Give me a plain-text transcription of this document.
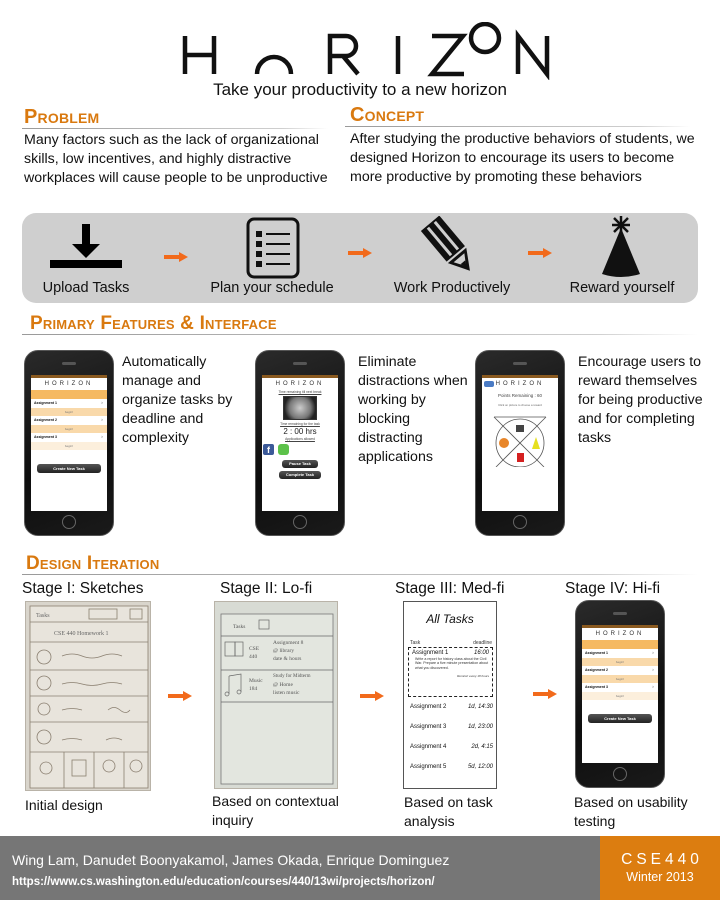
Take your productivity to a new horizon
Problem
Many factors such as the lack of organizational skills, low incentives, and highly distractive workplaces will cause people to be unproductive
Concept
After studying the productive behaviors of students, we designed Horizon to encourage its users to become more productive by promoting these behaviors
Upload Tasks	Plan your schedule	Work Productively	Reward yourself
Primary Features & Interface
HORIZON
Assignment 1 >
begin!
Assignment 2 >
begin!
Assignment 3 >
begin!
Create New Task
Automatically manage and organize tasks by deadline and complexity
HORIZON
Time remaining till next break
Time remaining for the task
2 : 00 hrs
Applications allowed
f
Pause Task
Complete Task
Eliminate distractions when working by blocking distracting applications
HORIZON
Points Remaining : 60
Click on picture to choose a reward
Encourage users to reward themselves for being productive and for completing tasks
Design Iteration
Stage I: Sketches	Stage II: Lo-fi	Stage III: Med-fi	Stage IV: Hi-fi
Tasks
CSE 440 Homework 1
Initial design
Tasks
Assignment 8
CSE
440
@ library
date & hours
Study for Midterm
Music
184
@ Home
listen music
Based on contextual inquiry
All Tasks
Task	deadline
Assignment 1	16:00
Write a report for history class about the Civil War. Prepare a five minute presentation about what you discovered.
Remind: every 18 hours
Assignment 2	1d, 14:30
Assignment 3	1d, 23:00
Assignment 4	2d, 4:15
Assignment 5	5d, 12:00
Based on task analysis
HORIZON
Assignment 1 >
begin!
Assignment 2 >
begin!
Assignment 3 >
begin!
Create New Task
Based on usability testing
Wing Lam, Danudet Boonyakamol, James Okada, Enrique Dominguez
https://www.cs.washington.edu/education/courses/440/13wi/projects/horizon/
CSE440
Winter 2013
